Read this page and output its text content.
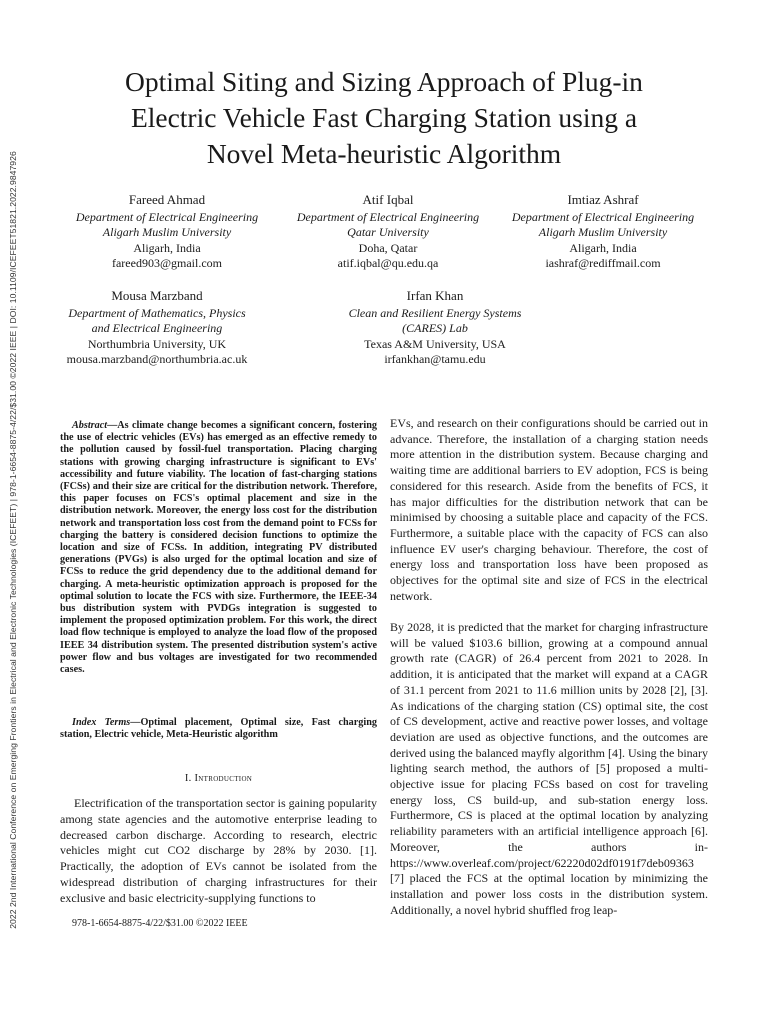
2022 2nd International Conference on Emerging Frontiers in Electrical and Electronic Technologies (ICEFEET) | 978-1-6654-8875-4/22/$31.00 ©2022 IEEE | DOI: 10.1109/ICEFEET51821.2022.9847926
Optimal Siting and Sizing Approach of Plug-in
Electric Vehicle Fast Charging Station using a
Novel Meta-heuristic Algorithm
Fareed Ahmad
Department of Electrical Engineering
Aligarh Muslim University
Aligarh, India
fareed903@gmail.com
Atif Iqbal
Department of Electrical Engineering
Qatar University
Doha, Qatar
atif.iqbal@qu.edu.qa
Imtiaz Ashraf
Department of Electrical Engineering
Aligarh Muslim University
Aligarh, India
iashraf@rediffmail.com
Mousa Marzband
Department of Mathematics, Physics
and Electrical Engineering
Northumbria University, UK
mousa.marzband@northumbria.ac.uk
Irfan Khan
Clean and Resilient Energy Systems
(CARES) Lab
Texas A&M University, USA
irfankhan@tamu.edu

Abstract—As climate change becomes a significant concern, fostering the use of electric vehicles (EVs) has emerged as an effective remedy to the pollution caused by fossil-fuel transportation. Placing charging stations with growing charging infrastructure is significant to EVs' accessibility and future viability. The location of fast-charging stations (FCSs) and their size are critical for the distribution network. Therefore, this paper focuses on FCS's optimal placement and size in the distribution network. Moreover, the energy loss cost for the distribution network and transportation loss cost from the demand point to FCSs for charging the battery is considered decision functions to optimize the location and size of FCSs. In addition, integrating PV distributed generations (PVGs) is also urged for the optimal location and size of FCSs to reduce the grid dependency due to the additional demand for charging. A meta-heuristic optimization approach is proposed for the optimal solution to locate the FCS with size. Furthermore, the IEEE-34 bus distribution system with PVDGs integration is suggested to implement the proposed optimization problem. For this work, the direct load flow technique is employed to analyze the load flow of the proposed IEEE 34 distribution system. The presented distribution system's active power flow and bus voltages are investigated for two recommended cases.

Index Terms—Optimal placement, Optimal size, Fast charging station, Electric vehicle, Meta-Heuristic algorithm

I. Introduction

Electrification of the transportation sector is gaining popularity among state agencies and the automotive enterprise leading to decreased carbon discharge. According to research, electric vehicles might cut CO2 discharge by 28% by 2030. [1]. Practically, the adoption of EVs cannot be isolated from the widespread distribution of charging infrastructures for their exclusive and basic electricity-supplying functions to

978-1-6654-8875-4/22/$31.00 ©2022 IEEE

EVs, and research on their configurations should be carried out in advance. Therefore, the installation of a charging station needs more attention in the distribution system. Because charging and waiting time are additional barriers to EV adoption, FCS is being considered for this research. Aside from the benefits of FCS, it has major difficulties for the distribution network that can be minimised by choosing a suitable place and capacity of the FCS. Furthermore, a suitable place with the capacity of FCS can also influence EV user's charging behaviour. Therefore, the cost of energy loss and transportation loss have been proposed as objectives for the optimal site and size of FCS in the electrical network.

By 2028, it is predicted that the market for charging infrastructure will be valued $103.6 billion, growing at a compound annual growth rate (CAGR) of 26.4 percent from 2021 to 2028. In addition, it is anticipated that the market will expand at a CAGR of 31.1 percent from 2021 to 11.6 million units by 2028 [2], [3]. As indications of the charging station (CS) optimal site, the cost of CS development, active and reactive power losses, and voltage deviation are used as objective functions, and the outcomes are derived using the balanced mayfly algorithm [4]. Using the binary lighting search method, the authors of [5] proposed a multi-objective issue for placing FCSs based on cost for traveling energy loss, CS build-up, and sub-station energy loss. Furthermore, CS is placed at the optimal location by analyzing reliability parameters with an artificial intelligence approach [6]. Moreover, the authors in-https://www.overleaf.com/project/62220d02df0191f7deb09363 [7] placed the FCS at the optimal location by minimizing the installation and power loss costs in the distribution system. Additionally, a novel hybrid shuffled frog leap-
